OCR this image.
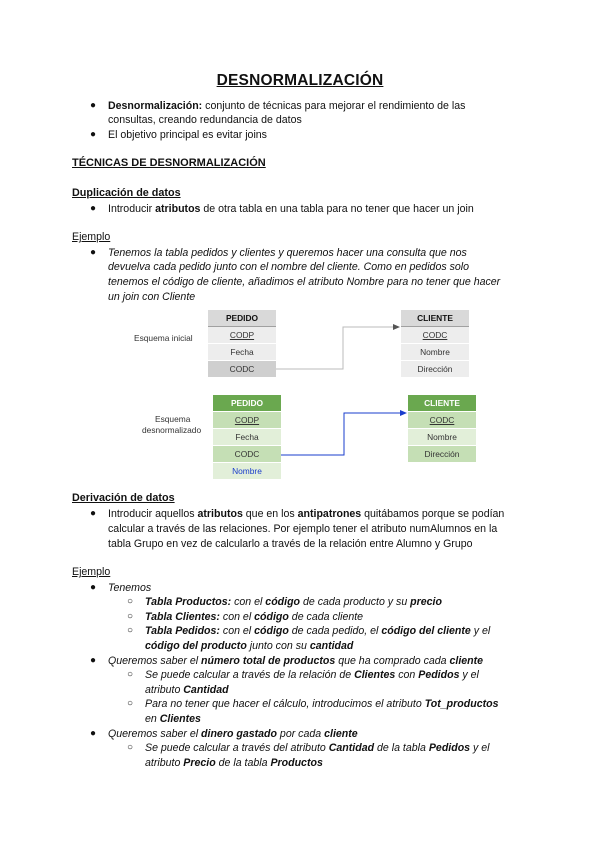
DESNORMALIZACIÓN
● Desnormalización: conjunto de técnicas para mejorar el rendimiento de las
consultas, creando redundancia de datos
● El objetivo principal es evitar joins
TÉCNICAS DE DESNORMALIZACIÓN
Duplicación de datos
● Introducir atributos de otra tabla en una tabla para no tener que hacer un join
Ejemplo
● Tenemos la tabla pedidos y clientes y queremos hacer una consulta que nos
devuelva cada pedido junto con el nombre del cliente. Como en pedidos solo
tenemos el código de cliente, añadimos el atributo Nombre para no tener que hacer
un join con Cliente
Esquema inicial
Esquema
desnormalizado
PEDIDO
CODP
Fecha
CODC
CLIENTE
CODC
Nombre
Dirección
PEDIDO
CODP
Fecha
CODC
Nombre
CLIENTE
CODC
Nombre
Dirección
Derivación de datos
● Introducir aquellos atributos que en los antipatrones quitábamos porque se podían
calcular a través de las relaciones. Por ejemplo tener el atributo numAlumnos en la
tabla Grupo en vez de calcularlo a través de la relación entre Alumno y Grupo
Ejemplo
● Tenemos
○ Tabla Productos: con el código de cada producto y su precio
○ Tabla Clientes: con el código de cada cliente
○ Tabla Pedidos: con el código de cada pedido, el código del cliente y el
código del producto junto con su cantidad
● Queremos saber el número total de productos que ha comprado cada cliente
○ Se puede calcular a través de la relación de Clientes con Pedidos y el
atributo Cantidad
○ Para no tener que hacer el cálculo, introducimos el atributo Tot_productos
en Clientes
● Queremos saber el dinero gastado por cada cliente
○ Se puede calcular a través del atributo Cantidad de la tabla Pedidos y el
atributo Precio de la tabla Productos
